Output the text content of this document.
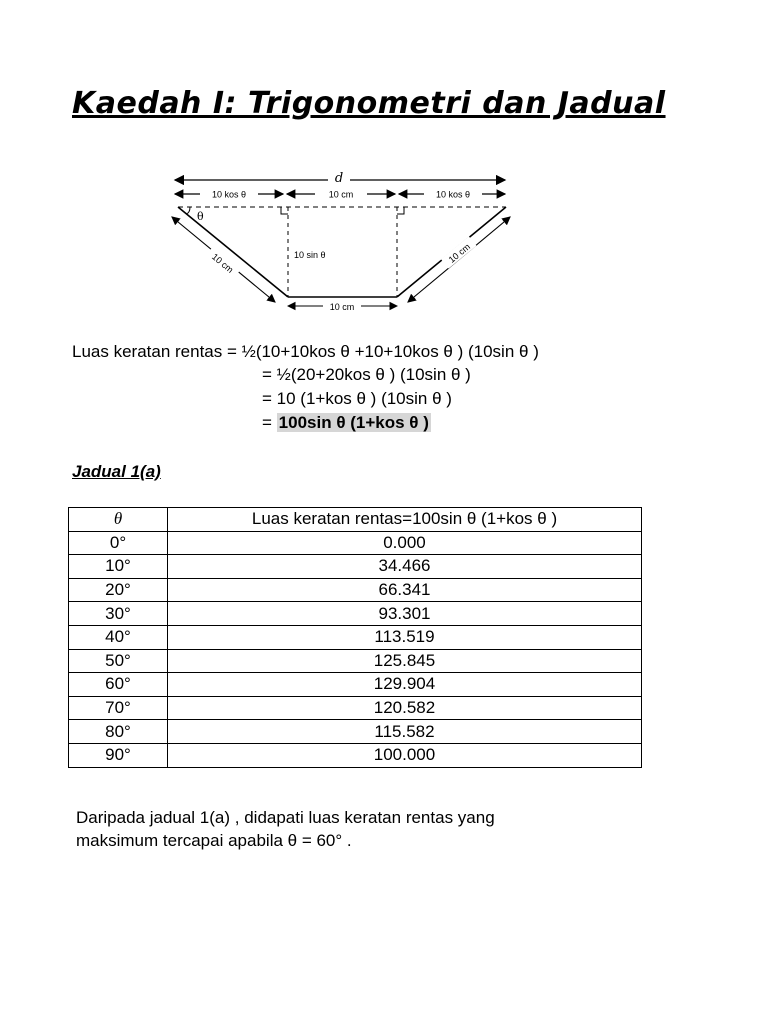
Kaedah I: Trigonometri dan Jadual
d
10 kos θ	10 cm	10 kos θ
θ
10 sin θ
10 cm	10 cm
10 cm
Luas keratan rentas = ½(10+10kos θ +10+10kos θ ) (10sin θ )
= ½(20+20kos θ ) (10sin θ )
= 10 (1+kos θ ) (10sin θ )
= 100sin θ (1+kos θ )
Jadual 1(a)
θ	Luas keratan rentas=100sin θ (1+kos θ )
0°	0.000
10°	34.466
20°	66.341
30°	93.301
40°	113.519
50°	125.845
60°	129.904
70°	120.582
80°	115.582
90°	100.000
Daripada jadual 1(a) , didapati luas keratan rentas yang
maksimum tercapai apabila θ = 60° .
